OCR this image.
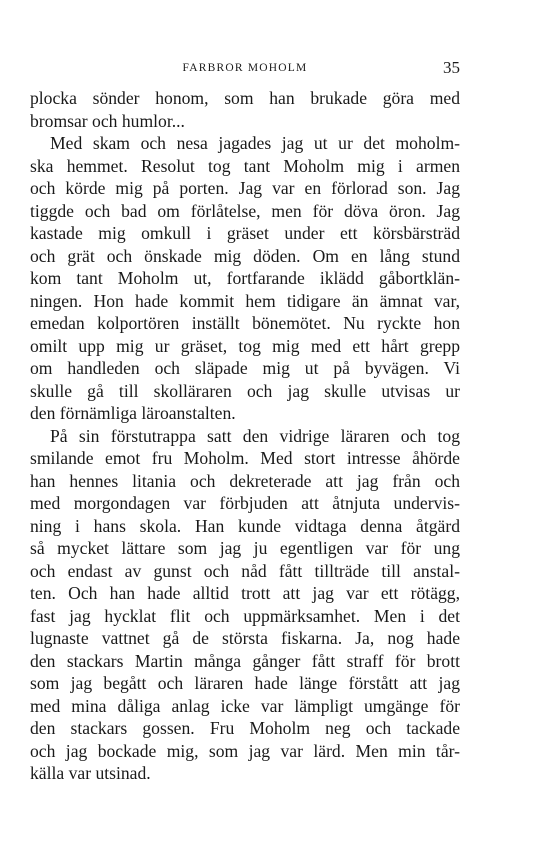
FARBROR MOHOLM	35
plocka sönder honom, som han brukade göra med
bromsar och humlor...
Med skam och nesa jagades jag ut ur det moholm-
ska hemmet. Resolut tog tant Moholm mig i armen
och körde mig på porten. Jag var en förlorad son. Jag
tiggde och bad om förlåtelse, men för döva öron. Jag
kastade mig omkull i gräset under ett körsbärsträd
och grät och önskade mig döden. Om en lång stund
kom tant Moholm ut, fortfarande iklädd gåbortklän-
ningen. Hon hade kommit hem tidigare än ämnat var,
emedan kolportören inställt bönemötet. Nu ryckte hon
omilt upp mig ur gräset, tog mig med ett hårt grepp
om handleden och släpade mig ut på byvägen. Vi
skulle gå till skolläraren och jag skulle utvisas ur
den förnämliga läroanstalten.
På sin förstutrappa satt den vidrige läraren och tog
smilande emot fru Moholm. Med stort intresse åhörde
han hennes litania och dekreterade att jag från och
med morgondagen var förbjuden att åtnjuta undervis-
ning i hans skola. Han kunde vidtaga denna åtgärd
så mycket lättare som jag ju egentligen var för ung
och endast av gunst och nåd fått tillträde till anstal-
ten. Och han hade alltid trott att jag var ett rötägg,
fast jag hycklat flit och uppmärksamhet. Men i det
lugnaste vattnet gå de största fiskarna. Ja, nog hade
den stackars Martin många gånger fått straff för brott
som jag begått och läraren hade länge förstått att jag
med mina dåliga anlag icke var lämpligt umgänge för
den stackars gossen. Fru Moholm neg och tackade
och jag bockade mig, som jag var lärd. Men min tår-
källa var utsinad.
